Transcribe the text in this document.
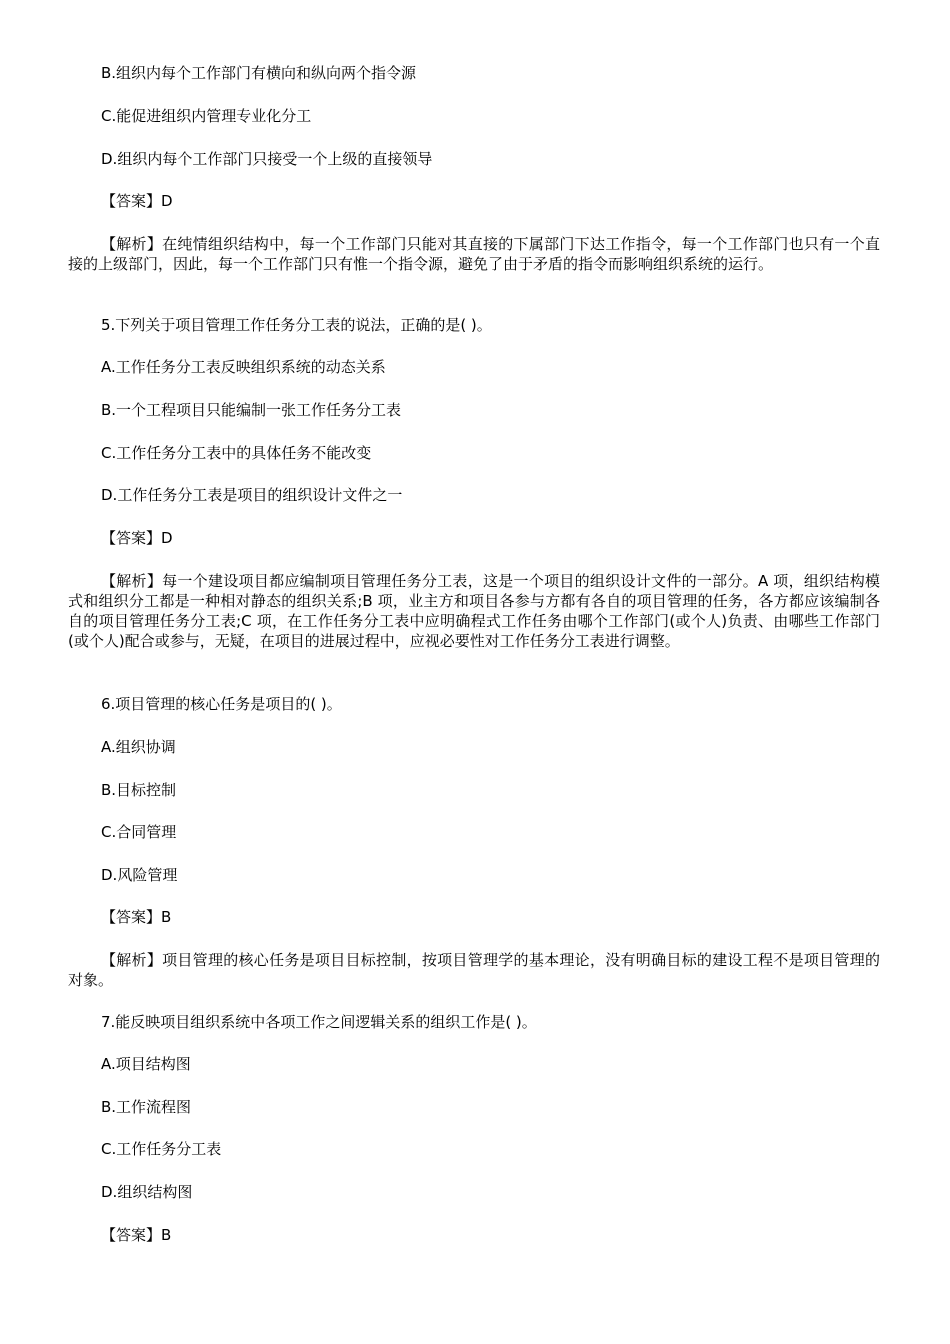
B.组织内每个工作部门有横向和纵向两个指令源

C.能促进组织内管理专业化分工

D.组织内每个工作部门只接受一个上级的直接领导

【答案】D

【解析】在纯情组织结构中，每一个工作部门只能对其直接的下属部门下达工作指令，每一个工作部门也只有一个直接的上级部门，因此，每一个工作部门只有惟一个指令源，避免了由于矛盾的指令而影响组织系统的运行。

5.下列关于项目管理工作任务分工表的说法，正确的是( )。

A.工作任务分工表反映组织系统的动态关系

B.一个工程项目只能编制一张工作任务分工表

C.工作任务分工表中的具体任务不能改变

D.工作任务分工表是项目的组织设计文件之一

【答案】D

【解析】每一个建设项目都应编制项目管理任务分工表，这是一个项目的组织设计文件的一部分。A 项，组织结构模式和组织分工都是一种相对静态的组织关系;B 项，业主方和项目各参与方都有各自的项目管理的任务，各方都应该编制各自的项目管理任务分工表;C 项，在工作任务分工表中应明确程式工作任务由哪个工作部门(或个人)负责、由哪些工作部门(或个人)配合或参与，无疑，在项目的进展过程中，应视必要性对工作任务分工表进行调整。

6.项目管理的核心任务是项目的( )。

A.组织协调

B.目标控制

C.合同管理

D.风险管理

【答案】B

【解析】项目管理的核心任务是项目目标控制，按项目管理学的基本理论，没有明确目标的建设工程不是项目管理的对象。

7.能反映项目组织系统中各项工作之间逻辑关系的组织工作是( )。

A.项目结构图

B.工作流程图

C.工作任务分工表

D.组织结构图

【答案】B
